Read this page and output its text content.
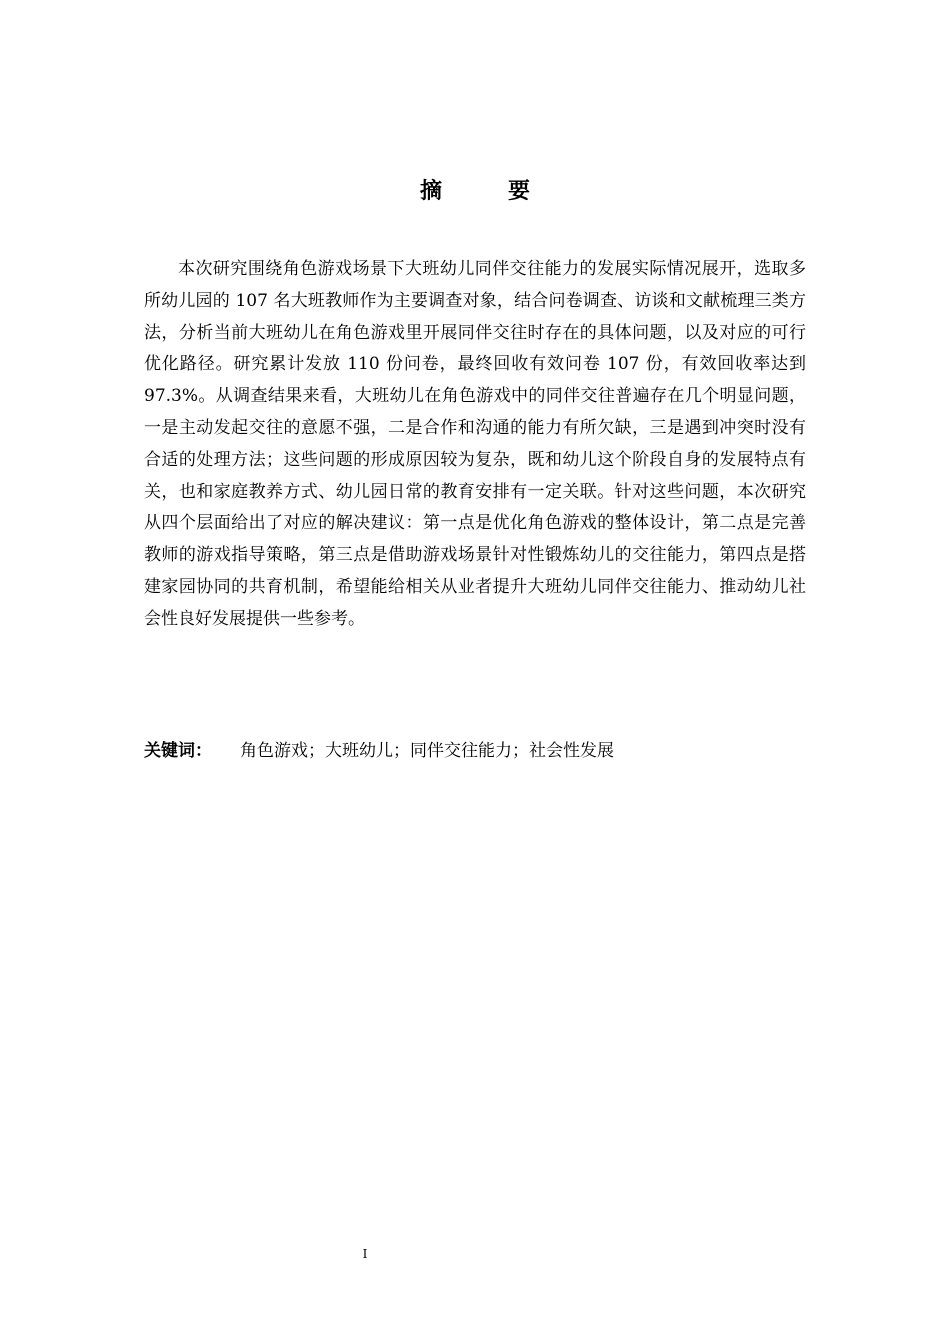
摘　要

本次研究围绕角色游戏场景下大班幼儿同伴交往能力的发展实际情况展开，选取多所幼儿园的 107 名大班教师作为主要调查对象，结合问卷调查、访谈和文献梳理三类方法，分析当前大班幼儿在角色游戏里开展同伴交往时存在的具体问题，以及对应的可行优化路径。研究累计发放 110 份问卷，最终回收有效问卷 107 份，有效回收率达到 97.3%。从调查结果来看，大班幼儿在角色游戏中的同伴交往普遍存在几个明显问题，一是主动发起交往的意愿不强，二是合作和沟通的能力有所欠缺，三是遇到冲突时没有合适的处理方法；这些问题的形成原因较为复杂，既和幼儿这个阶段自身的发展特点有关，也和家庭教养方式、幼儿园日常的教育安排有一定关联。针对这些问题，本次研究从四个层面给出了对应的解决建议：第一点是优化角色游戏的整体设计，第二点是完善教师的游戏指导策略，第三点是借助游戏场景针对性锻炼幼儿的交往能力，第四点是搭建家园协同的共育机制，希望能给相关从业者提升大班幼儿同伴交往能力、推动幼儿社会性良好发展提供一些参考。

关键词： 角色游戏；大班幼儿；同伴交往能力；社会性发展
I
